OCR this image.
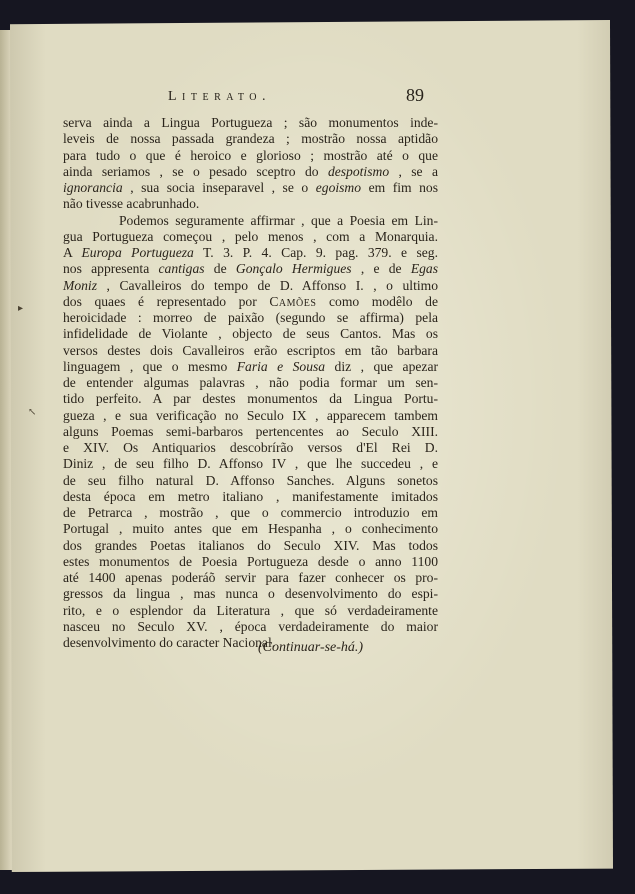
Literato.	89
serva ainda a Lingua Portugueza ; são monumentos inde-
leveis de nossa passada grandeza ; mostrão nossa aptidão
para tudo o que é heroico e glorioso ; mostrão até o que
ainda seriamos , se o pesado sceptro do despotismo , se a
ignorancia , sua socia inseparavel , se o egoismo em fim nos
não tivesse acabrunhado.
Podemos seguramente affirmar , que a Poesia em Lin-
gua Portugueza começou , pelo menos , com a Monarquia.
A Europa Portugueza T. 3. P. 4. Cap. 9. pag. 379. e seg.
nos appresenta cantigas de Gonçalo Hermigues , e de Egas
Moniz , Cavalleiros do tempo de D. Affonso I. , o ultimo
dos quaes é representado por Camões como modêlo de
heroicidade : morreo de paixão (segundo se affirma) pela
infidelidade de Violante , objecto de seus Cantos. Mas os
versos destes dois Cavalleiros erão escriptos em tão barbara
linguagem , que o mesmo Faria e Sousa diz , que apezar
de entender algumas palavras , não podia formar um sen-
tido perfeito. A par destes monumentos da Lingua Portu-
gueza , e sua verificação no Seculo IX , apparecem tambem
alguns Poemas semi-barbaros pertencentes ao Seculo XIII.
e XIV. Os Antiquarios descobrírão versos d'El Rei D.
Diniz , de seu filho D. Affonso IV , que lhe succedeu , e
de seu filho natural D. Affonso Sanches. Alguns sonetos
desta época em metro italiano , manifestamente imitados
de Petrarca , mostrão , que o commercio introduzio em
Portugal , muito antes que em Hespanha , o conhecimento
dos grandes Poetas italianos do Seculo XIV. Mas todos
estes monumentos de Poesia Portugueza desde o anno 1100
até 1400 apenas poderáõ servir para fazer conhecer os pro-
gressos da lingua , mas nunca o desenvolvimento do espi-
rito, e o esplendor da Literatura , que só verdadeiramente
nasceu no Seculo XV. , época verdadeiramente do maior
desenvolvimento do caracter Nacional.
(Continuar-se-há.)
▸
↖
